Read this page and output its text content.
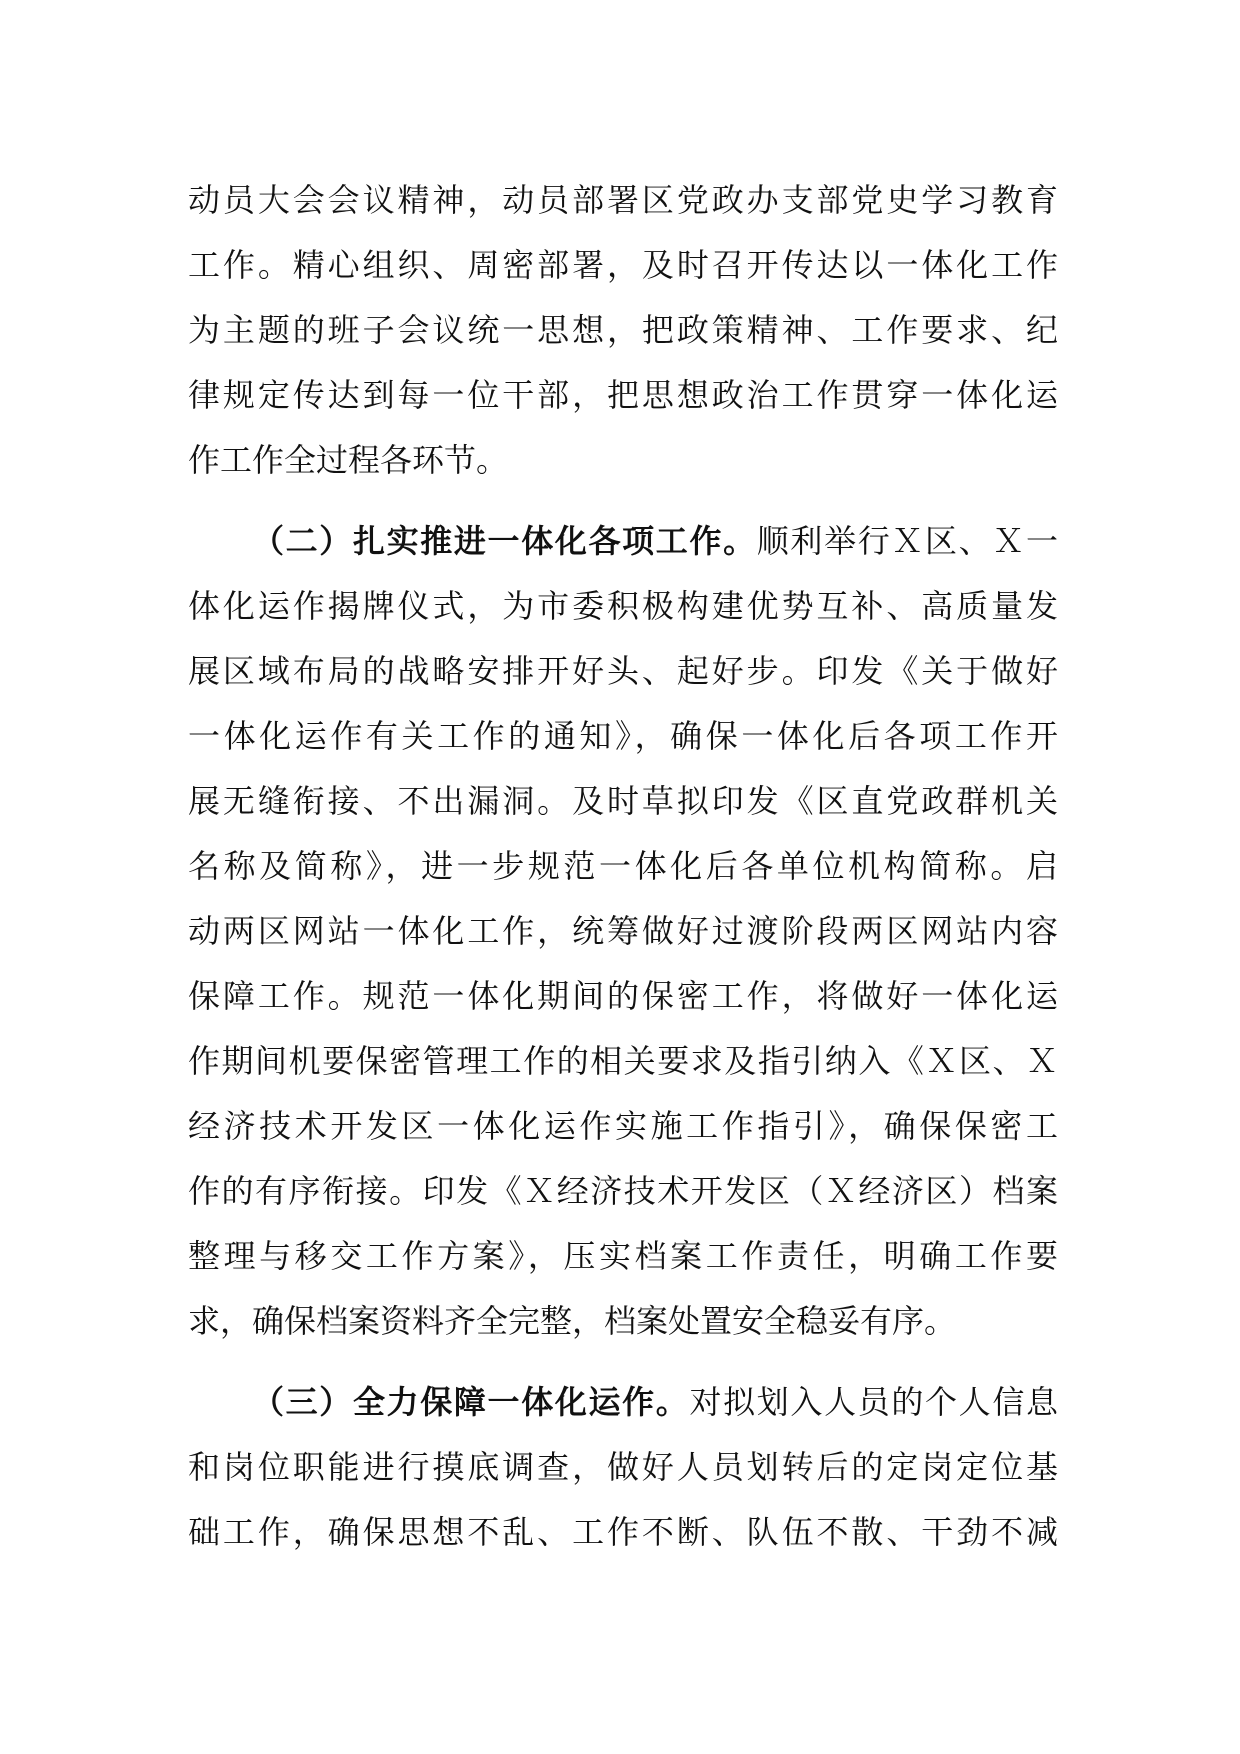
动员大会会议精神，动员部署区党政办支部党史学习教育
工作。精心组织、周密部署，及时召开传达以一体化工作
为主题的班子会议统一思想，把政策精神、工作要求、纪
律规定传达到每一位干部，把思想政治工作贯穿一体化运
作工作全过程各环节。
（二）扎实推进一体化各项工作。顺利举行Ｘ区、Ｘ一
体化运作揭牌仪式，为市委积极构建优势互补、高质量发
展区域布局的战略安排开好头、起好步。印发《关于做好
一体化运作有关工作的通知》，确保一体化后各项工作开
展无缝衔接、不出漏洞。及时草拟印发《区直党政群机关
名称及简称》，进一步规范一体化后各单位机构简称。启
动两区网站一体化工作，统筹做好过渡阶段两区网站内容
保障工作。规范一体化期间的保密工作，将做好一体化运
作期间机要保密管理工作的相关要求及指引纳入《Ｘ区、Ｘ
经济技术开发区一体化运作实施工作指引》，确保保密工
作的有序衔接。印发《Ｘ经济技术开发区（Ｘ经济区）档案
整理与移交工作方案》，压实档案工作责任，明确工作要
求，确保档案资料齐全完整，档案处置安全稳妥有序。
（三）全力保障一体化运作。对拟划入人员的个人信息
和岗位职能进行摸底调查，做好人员划转后的定岗定位基
础工作，确保思想不乱、工作不断、队伍不散、干劲不减
